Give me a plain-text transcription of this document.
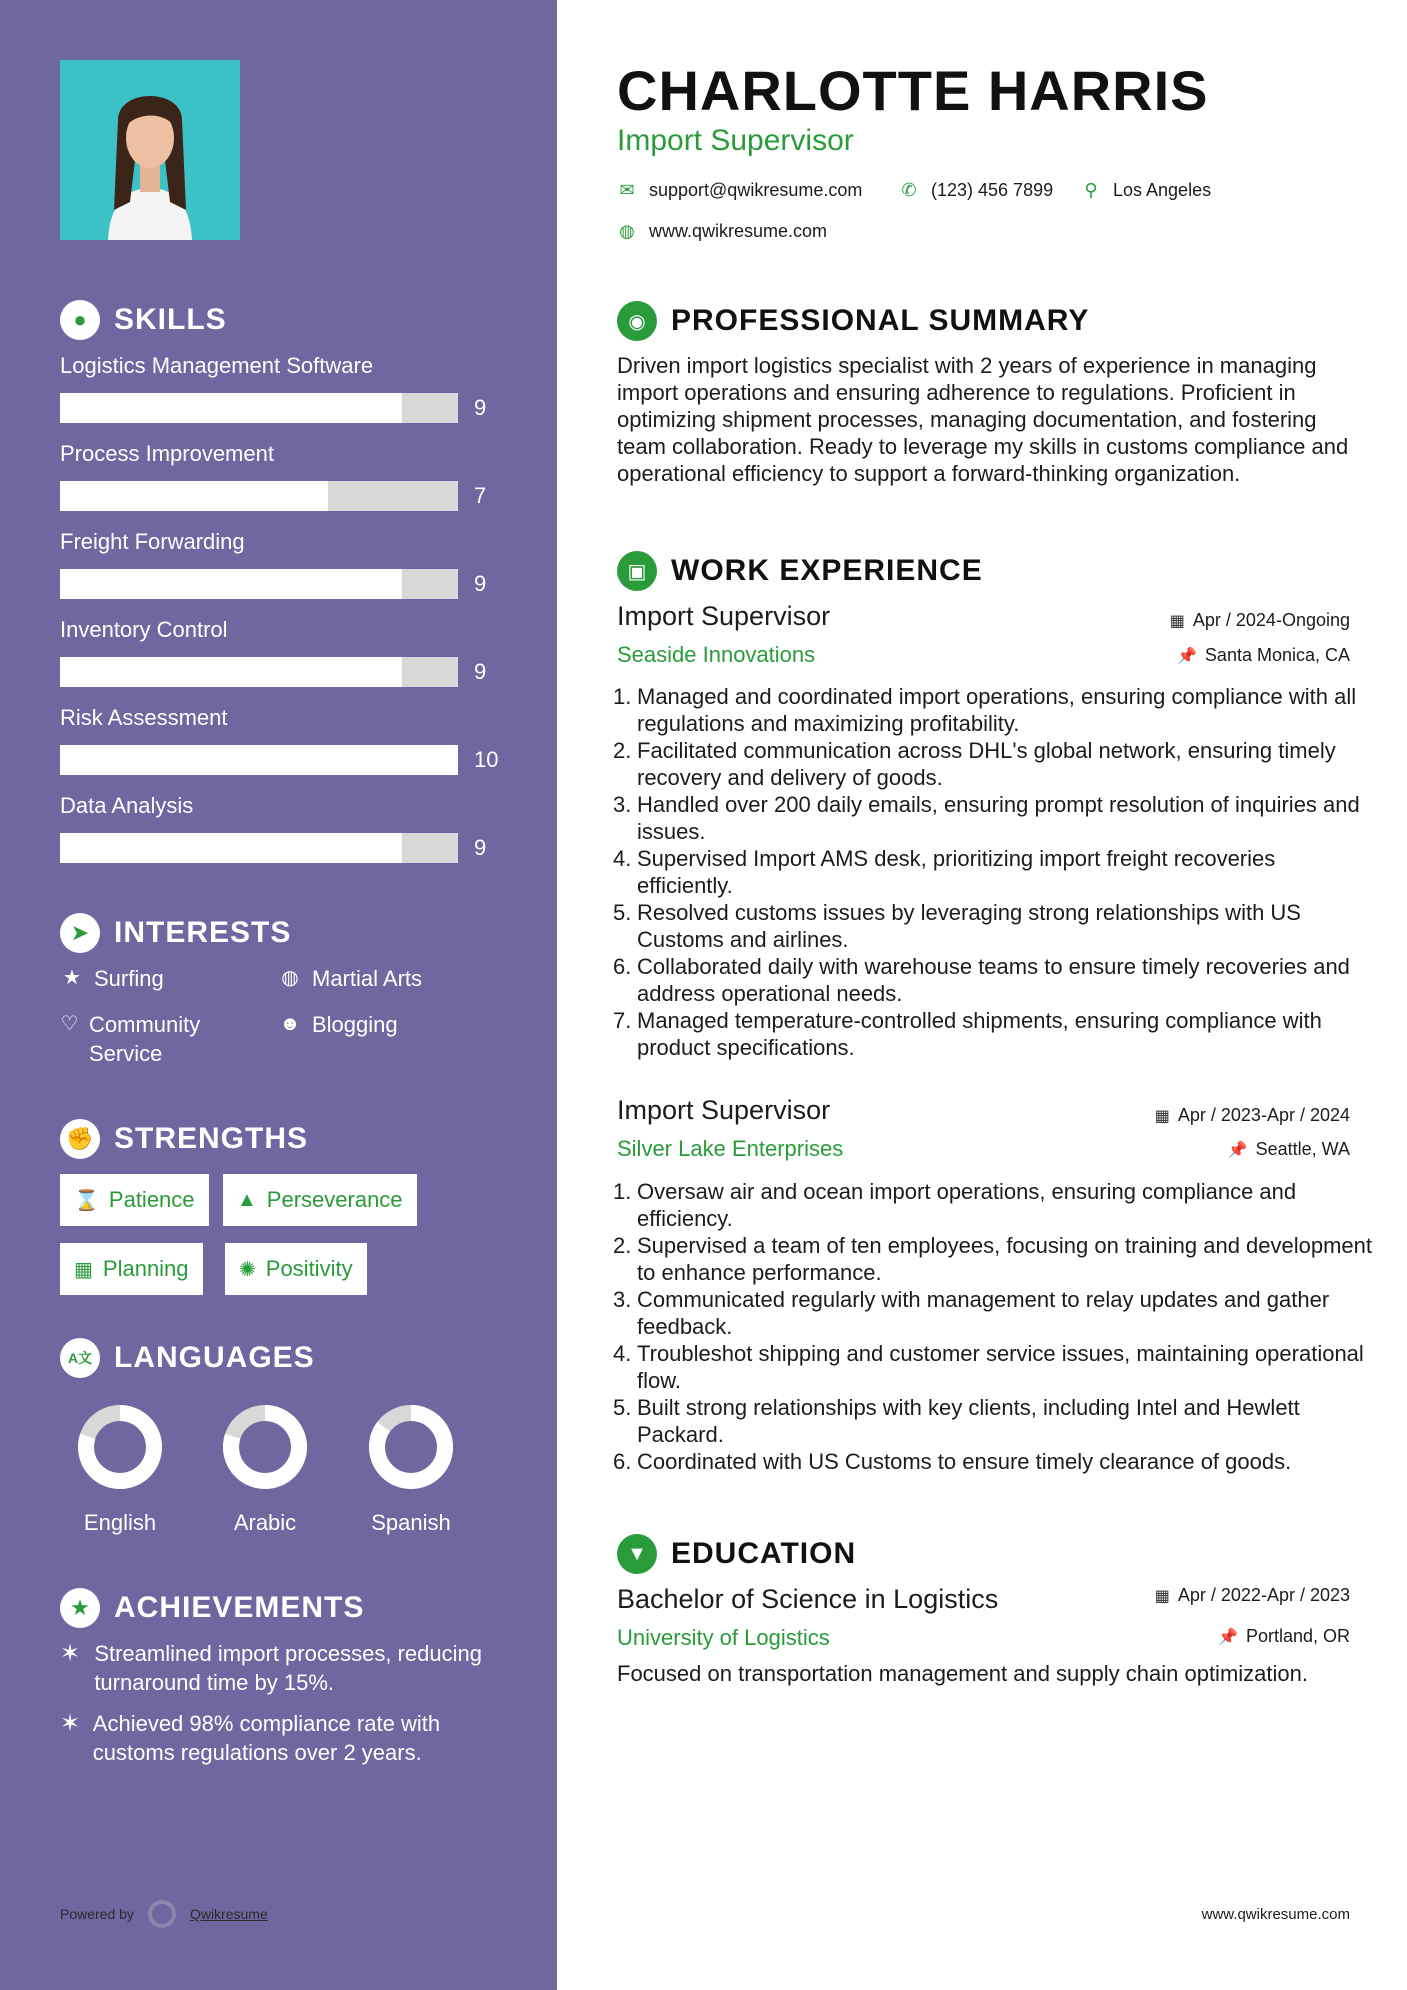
● SKILLS
Logistics Management Software
9
Process Improvement
7
Freight Forwarding
9
Inventory Control
9
Risk Assessment
10
Data Analysis
9
➤ INTERESTS
★ Surfing	◍ Martial Arts
♡ Community Service
☻ Blogging
✊ STRENGTHS
⌛ Patience ▲ Perseverance
▦ Planning	✺ Positivity
A文 LANGUAGES
English	Arabic	Spanish
★ ACHIEVEMENTS
✶ Streamlined import processes, reducing turnaround time by 15%.
✶ Achieved 98% compliance rate with customs regulations over 2 years.
Powered by	Qwikresume
CHARLOTTE HARRIS
Import Supervisor
✉ support@qwikresume.com ✆ (123) 456 7899	⚲ Los Angeles
◍ www.qwikresume.com
◉ PROFESSIONAL SUMMARY
Driven import logistics specialist with 2 years of experience in managing import operations and ensuring adherence to regulations. Proficient in optimizing shipment processes, managing documentation, and fostering team collaboration. Ready to leverage my skills in customs compliance and operational efficiency to support a forward-thinking organization.
▣ WORK EXPERIENCE
Import Supervisor	▦ Apr / 2024-Ongoing
Seaside Innovations	📌 Santa Monica, CA
1. Managed and coordinated import operations, ensuring compliance with all regulations and maximizing profitability.
2. Facilitated communication across DHL's global network, ensuring timely recovery and delivery of goods.
3. Handled over 200 daily emails, ensuring prompt resolution of inquiries and issues.
4. Supervised Import AMS desk, prioritizing import freight recoveries efficiently.
5. Resolved customs issues by leveraging strong relationships with US Customs and airlines.
6. Collaborated daily with warehouse teams to ensure timely recoveries and address operational needs.
7. Managed temperature-controlled shipments, ensuring compliance with product specifications.
Import Supervisor	▦ Apr / 2023-Apr / 2024
Silver Lake Enterprises	📌 Seattle, WA
1. Oversaw air and ocean import operations, ensuring compliance and efficiency.
2. Supervised a team of ten employees, focusing on training and development to enhance performance.
3. Communicated regularly with management to relay updates and gather feedback.
4. Troubleshot shipping and customer service issues, maintaining operational flow.
5. Built strong relationships with key clients, including Intel and Hewlett Packard.
6. Coordinated with US Customs to ensure timely clearance of goods.
▼ EDUCATION
Bachelor of Science in Logistics	▦ Apr / 2022-Apr / 2023
University of Logistics	📌 Portland, OR
Focused on transportation management and supply chain optimization.
www.qwikresume.com
